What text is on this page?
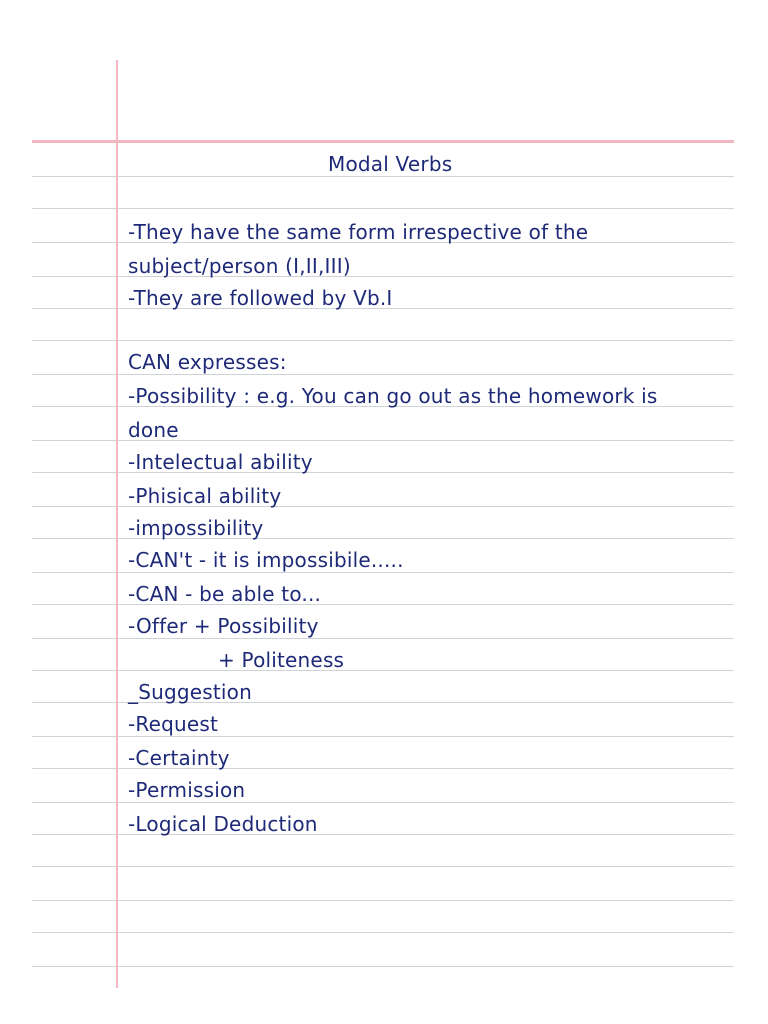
Modal Verbs
-They have the same form irrespective of the
subject/person (I,II,III)
-They are followed by Vb.I
CAN expresses:
-Possibility : e.g. You can go out as the homework is
done
-Intelectual ability
-Phisical ability
-impossibility
-CAN't - it is impossibile.....
-CAN - be able to...
-Offer + Possibility
+ Politeness
_Suggestion
-Request
-Certainty
-Permission
-Logical Deduction
